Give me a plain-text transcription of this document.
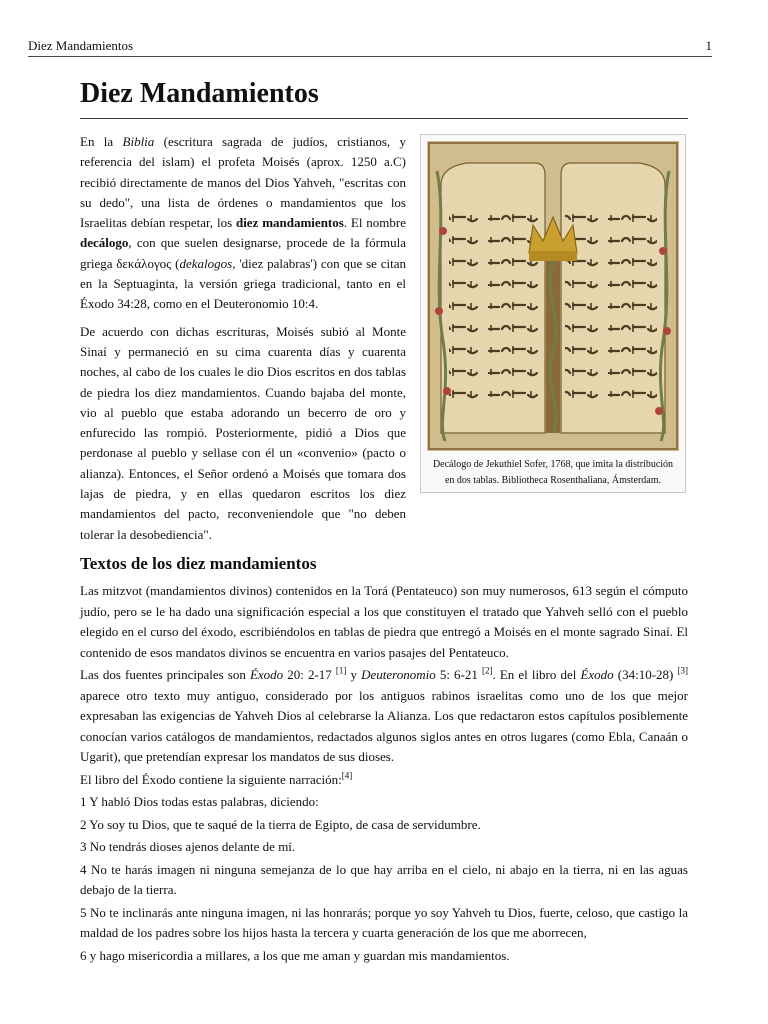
Diez Mandamientos	1
Diez Mandamientos

En la Biblia (escritura sagrada de judíos, cristianos, y referencia del islam) el profeta Moisés (aprox. 1250 a.C) recibió directamente de manos del Dios Yahveh, "escritas con su dedo", una lista de órdenes o mandamientos que los Israelitas debían respetar, los diez mandamientos. El nombre decálogo, con que suelen designarse, procede de la fórmula griega δεκάλογος (dekalogos, 'diez palabras') con que se citan en la Septuaginta, la versión griega tradicional, tanto en el Éxodo 34:28, como en el Deuteronomio 10:4.

De acuerdo con dichas escrituras, Moisés subió al Monte Sinaí y permaneció en su cima cuarenta días y cuarenta noches, al cabo de los cuales le dio Dios escritos en dos tablas de piedra los diez mandamientos. Cuando bajaba del monte, vio al pueblo que estaba adorando un becerro de oro y enfurecido las rompió. Posteriormente, pidió a Dios que perdonase al pueblo y sellase con él un «convenio» (pacto o alianza). Entonces, el Señor ordenó a Moisés que tomara dos lajas de piedra, y en ellas quedaron escritos los diez mandamientos del pacto, reconveniendole que "no deben tolerar la desobediencia".

Decálogo de Jekuthiel Sofer, 1768, que imita la distribución en dos tablas. Bibliotheca Rosenthaliana, Ámsterdam.
Textos de los diez mandamientos

Las mitzvot (mandamientos divinos) contenidos en la Torá (Pentateuco) son muy numerosos, 613 según el cómputo judío, pero se le ha dado una significación especial a los que constituyen el tratado que Yahveh selló con el pueblo elegido en el curso del éxodo, escribiéndolos en tablas de piedra que entregó a Moisés en el monte sagrado Sinaí. El contenido de esos mandatos divinos se encuentra en varios pasajes del Pentateuco.

Las dos fuentes principales son Éxodo 20: 2-17 [1] y Deuteronomio 5: 6-21 [2]. En el libro del Éxodo (34:10-28) [3] aparece otro texto muy antiguo, considerado por los antiguos rabinos israelitas como uno de los que mejor expresaban las exigencias de Yahveh Dios al celebrarse la Alianza. Los que redactaron estos capítulos posiblemente conocían varios catálogos de mandamientos, redactados algunos siglos antes en otros lugares (como Ebla, Canaán o Ugarit), que pretendían expresar los mandatos de sus dioses.

El libro del Éxodo contiene la siguiente narración:[4]

1 Y habló Dios todas estas palabras, diciendo:

2 Yo soy tu Dios, que te saqué de la tierra de Egipto, de casa de servidumbre.

3 No tendrás dioses ajenos delante de mí.

4 No te harás imagen ni ninguna semejanza de lo que hay arriba en el cielo, ni abajo en la tierra, ni en las aguas debajo de la tierra.

5 No te inclinarás ante ninguna imagen, ni las honrarás; porque yo soy Yahveh tu Dios, fuerte, celoso, que castigo la maldad de los padres sobre los hijos hasta la tercera y cuarta generación de los que me aborrecen,

6 y hago misericordia a millares, a los que me aman y guardan mis mandamientos.
